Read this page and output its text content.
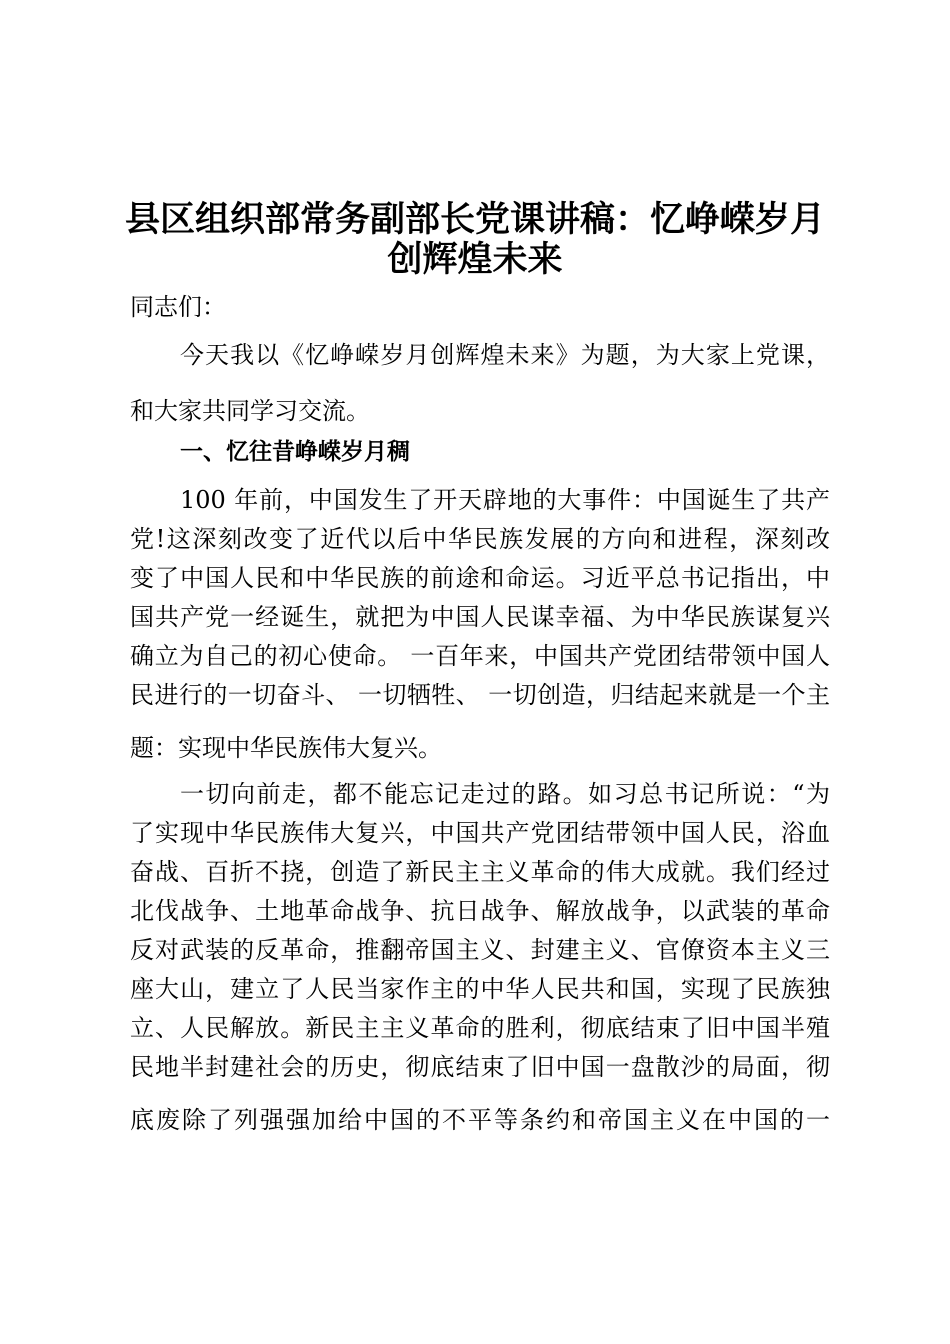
县区组织部常务副部长党课讲稿：忆峥嵘岁月
创辉煌未来
同志们：
今天我以《忆峥嵘岁月创辉煌未来》为题，为大家上党课，
和大家共同学习交流。
一、忆往昔峥嵘岁月稠
100 年前，中国发生了开天辟地的大事件：中国诞生了共产
党!这深刻改变了近代以后中华民族发展的方向和进程，深刻改
变了中国人民和中华民族的前途和命运。习近平总书记指出，中
国共产党一经诞生，就把为中国人民谋幸福、为中华民族谋复兴
确立为自己的初心使命。 一百年来，中国共产党团结带领中国人
民进行的一切奋斗、 一切牺牲、 一切创造，归结起来就是一个主
题：实现中华民族伟大复兴。
一切向前走，都不能忘记走过的路。如习总书记所说：“为
了实现中华民族伟大复兴，中国共产党团结带领中国人民，浴血
奋战、百折不挠，创造了新民主主义革命的伟大成就。我们经过
北伐战争、土地革命战争、抗日战争、解放战争，以武装的革命
反对武装的反革命，推翻帝国主义、封建主义、官僚资本主义三
座大山，建立了人民当家作主的中华人民共和国，实现了民族独
立、人民解放。新民主主义革命的胜利，彻底结束了旧中国半殖
民地半封建社会的历史，彻底结束了旧中国一盘散沙的局面，彻
底废除了列强强加给中国的不平等条约和帝国主义在中国的一
